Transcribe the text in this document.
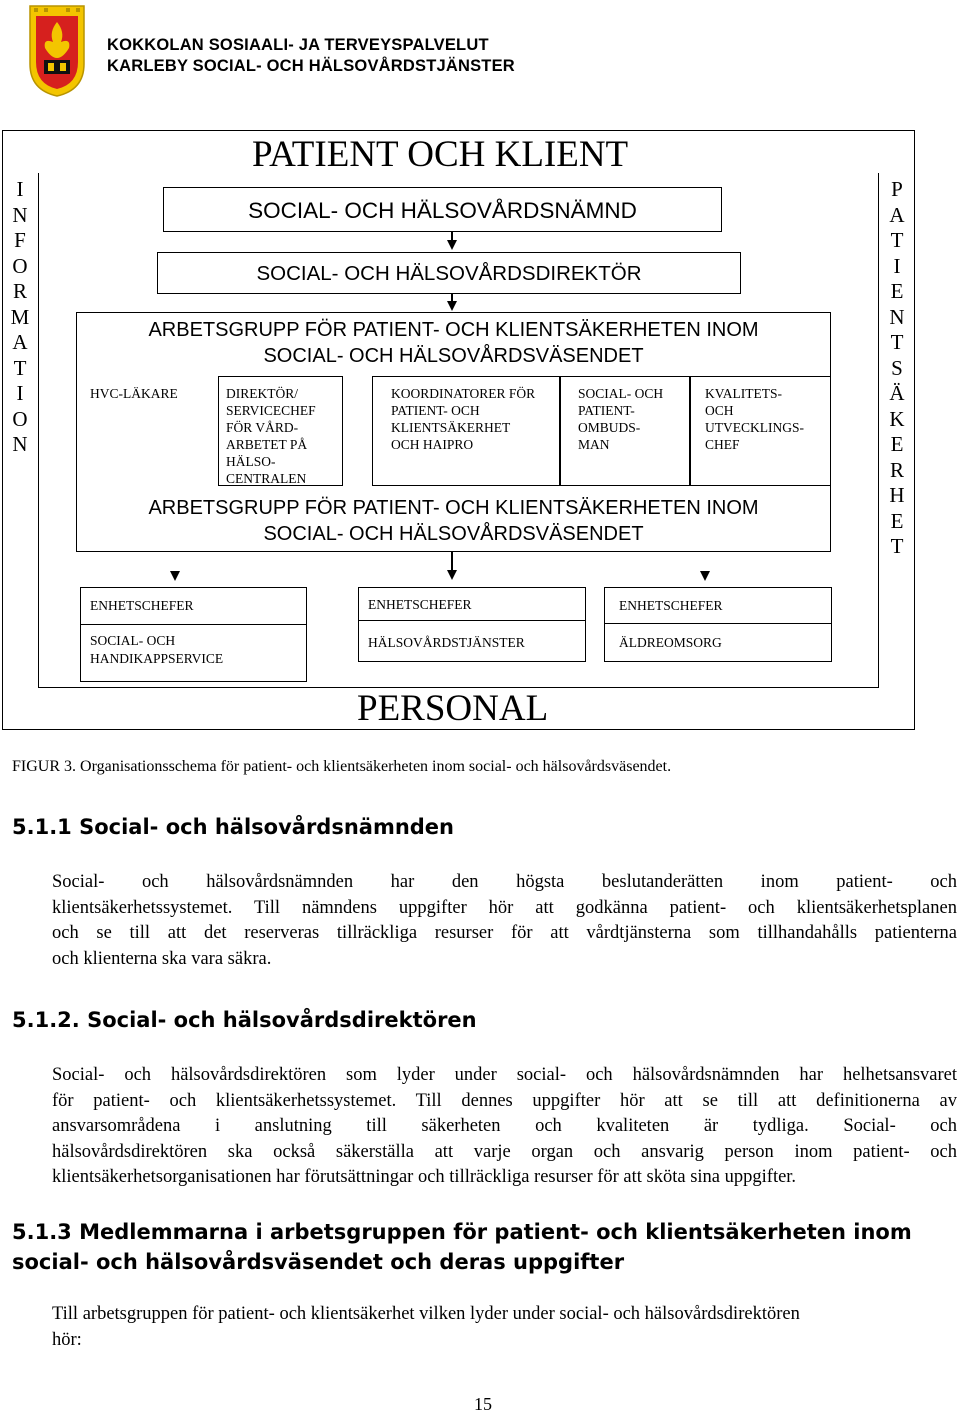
KOKKOLAN SOSIAALI- JA TERVEYSPALVELUT
KARLEBY SOCIAL- OCH HÄLSOVÅRDSTJÄNSTER
PATIENT OCH KLIENT
I
N
F
O
R
M
A
T
I
O
N
P
A
T
I
E
N
T
S
Ä
K
E
R
H
E
T
SOCIAL- OCH HÄLSOVÅRDSNÄMND
SOCIAL- OCH HÄLSOVÅRDSDIREKTÖR
ARBETSGRUPP FÖR PATIENT- OCH KLIENTSÄKERHETEN INOM
SOCIAL- OCH HÄLSOVÅRDSVÄSENDET
HVC-LÄKARE	DIREKTÖR/
SERVICECHEF
FÖR VÅRD-
ARBETET PÅ
HÄLSO-
CENTRALEN
KOORDINATORER FÖR
PATIENT- OCH
KLIENTSÄKERHET
OCH HAIPRO
SOCIAL- OCH
PATIENT-
OMBUDS-
MAN
KVALITETS-
OCH
UTVECKLINGS-
CHEF
ARBETSGRUPP FÖR PATIENT- OCH KLIENTSÄKERHETEN INOM
SOCIAL- OCH HÄLSOVÅRDSVÄSENDET
ENHETSCHEFER
SOCIAL- OCH
HANDIKAPPSERVICE
ENHETSCHEFER
HÄLSOVÅRDSTJÄNSTER
ENHETSCHEFER
ÄLDREOMSORG
PERSONAL
FIGUR 3. Organisationsschema för patient- och klientsäkerheten inom social- och hälsovårdsväsendet.
5.1.1 Social- och hälsovårdsnämnden
Social- och hälsovårdsnämnden har den högsta beslutanderätten inom patient- och
klientsäkerhetssystemet. Till nämndens uppgifter hör att godkänna patient- och klientsäkerhetsplanen
och se till att det reserveras tillräckliga resurser för att vårdtjänsterna som tillhandahålls patienterna
och klienterna ska vara säkra.
5.1.2. Social- och hälsovårdsdirektören
Social- och hälsovårdsdirektören som lyder under social- och hälsovårdsnämnden har helhetsansvaret
för patient- och klientsäkerhetssystemet. Till dennes uppgifter hör att se till att definitionerna av
ansvarsområdena i anslutning till säkerheten och kvaliteten är tydliga. Social- och
hälsovårdsdirektören ska också säkerställa att varje organ och ansvarig person inom patient- och
klientsäkerhetsorganisationen har förutsättningar och tillräckliga resurser för att sköta sina uppgifter.
5.1.3 Medlemmarna i arbetsgruppen för patient- och klientsäkerheten inom
social- och hälsovårdsväsendet och deras uppgifter
Till arbetsgruppen för patient- och klientsäkerhet vilken lyder under social- och hälsovårdsdirektören
hör:
15
